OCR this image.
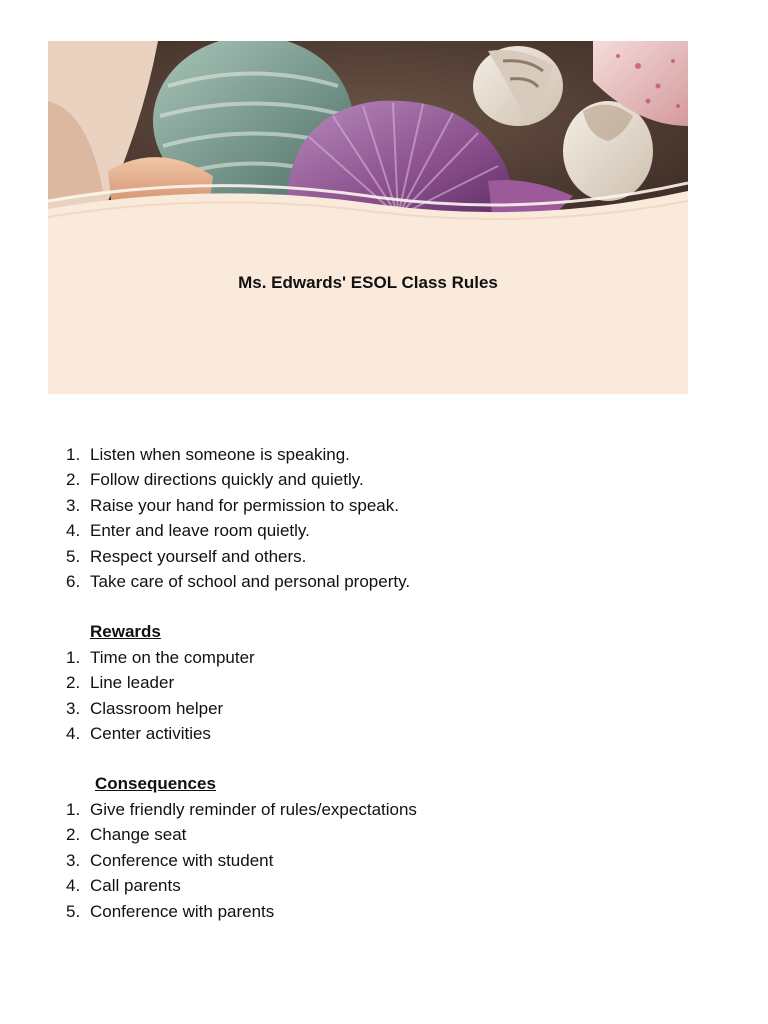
Ms. Edwards' ESOL Class Rules
1. Listen when someone is speaking.
2. Follow directions quickly and quietly.
3. Raise your hand for permission to speak.
4. Enter and leave room quietly.
5. Respect yourself and others.
6. Take care of school and personal property.
Rewards
1. Time on the computer
2. Line leader
3. Classroom helper
4. Center activities
Consequences
1. Give friendly reminder of rules/expectations
2. Change seat
3. Conference with student
4. Call parents
5. Conference with parents
